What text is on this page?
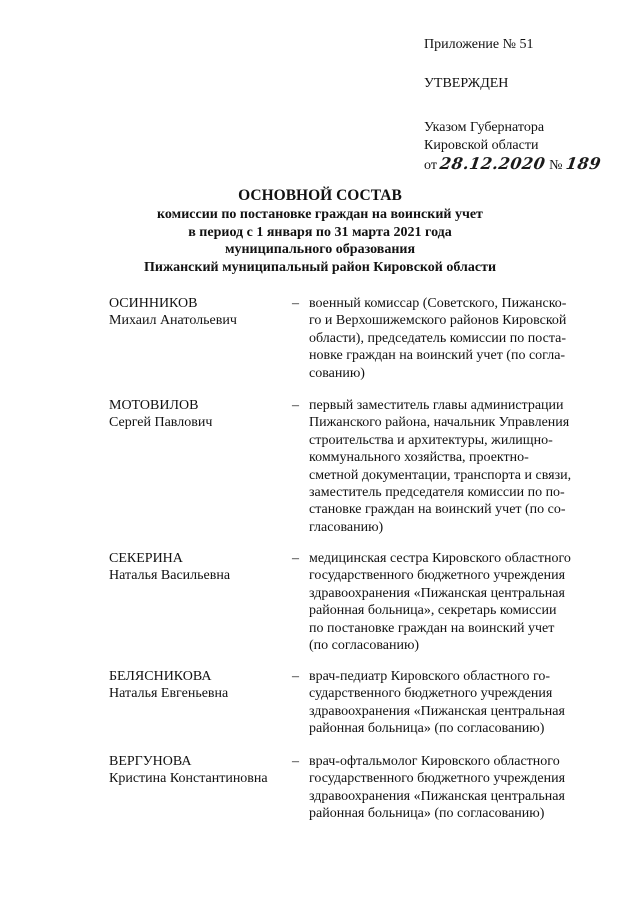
Приложение № 51
УТВЕРЖДЕН
Указом Губернатора
Кировской области
от 28.12.2020 № 189
ОСНОВНОЙ СОСТАВ
комиссии по постановке граждан на воинский учет
в период с 1 января по 31 марта 2021 года
муниципального образования
Пижанский муниципальный район Кировской области
ОСИННИКОВ
Михаил Анатольевич
– военный комиссар (Советского, Пижанско-
го и Верхошижемского районов Кировской
области), председатель комиссии по поста-
новке граждан на воинский учет (по согла-
сованию)
МОТОВИЛОВ
Сергей Павлович
– первый заместитель главы администрации
Пижанского района, начальник Управления
строительства и архитектуры, жилищно-
коммунального хозяйства, проектно-
сметной документации, транспорта и связи,
заместитель председателя комиссии по по-
становке граждан на воинский учет (по со-
гласованию)
СЕКЕРИНА
Наталья Васильевна
– медицинская сестра Кировского областного
государственного бюджетного учреждения
здравоохранения «Пижанская центральная
районная больница», секретарь комиссии
по постановке граждан на воинский учет
(по согласованию)
БЕЛЯСНИКОВА
Наталья Евгеньевна
– врач-педиатр Кировского областного го-
сударственного бюджетного учреждения
здравоохранения «Пижанская центральная
районная больница» (по согласованию)
ВЕРГУНОВА
Кристина Константиновна
– врач-офтальмолог Кировского областного
государственного бюджетного учреждения
здравоохранения «Пижанская центральная
районная больница» (по согласованию)
